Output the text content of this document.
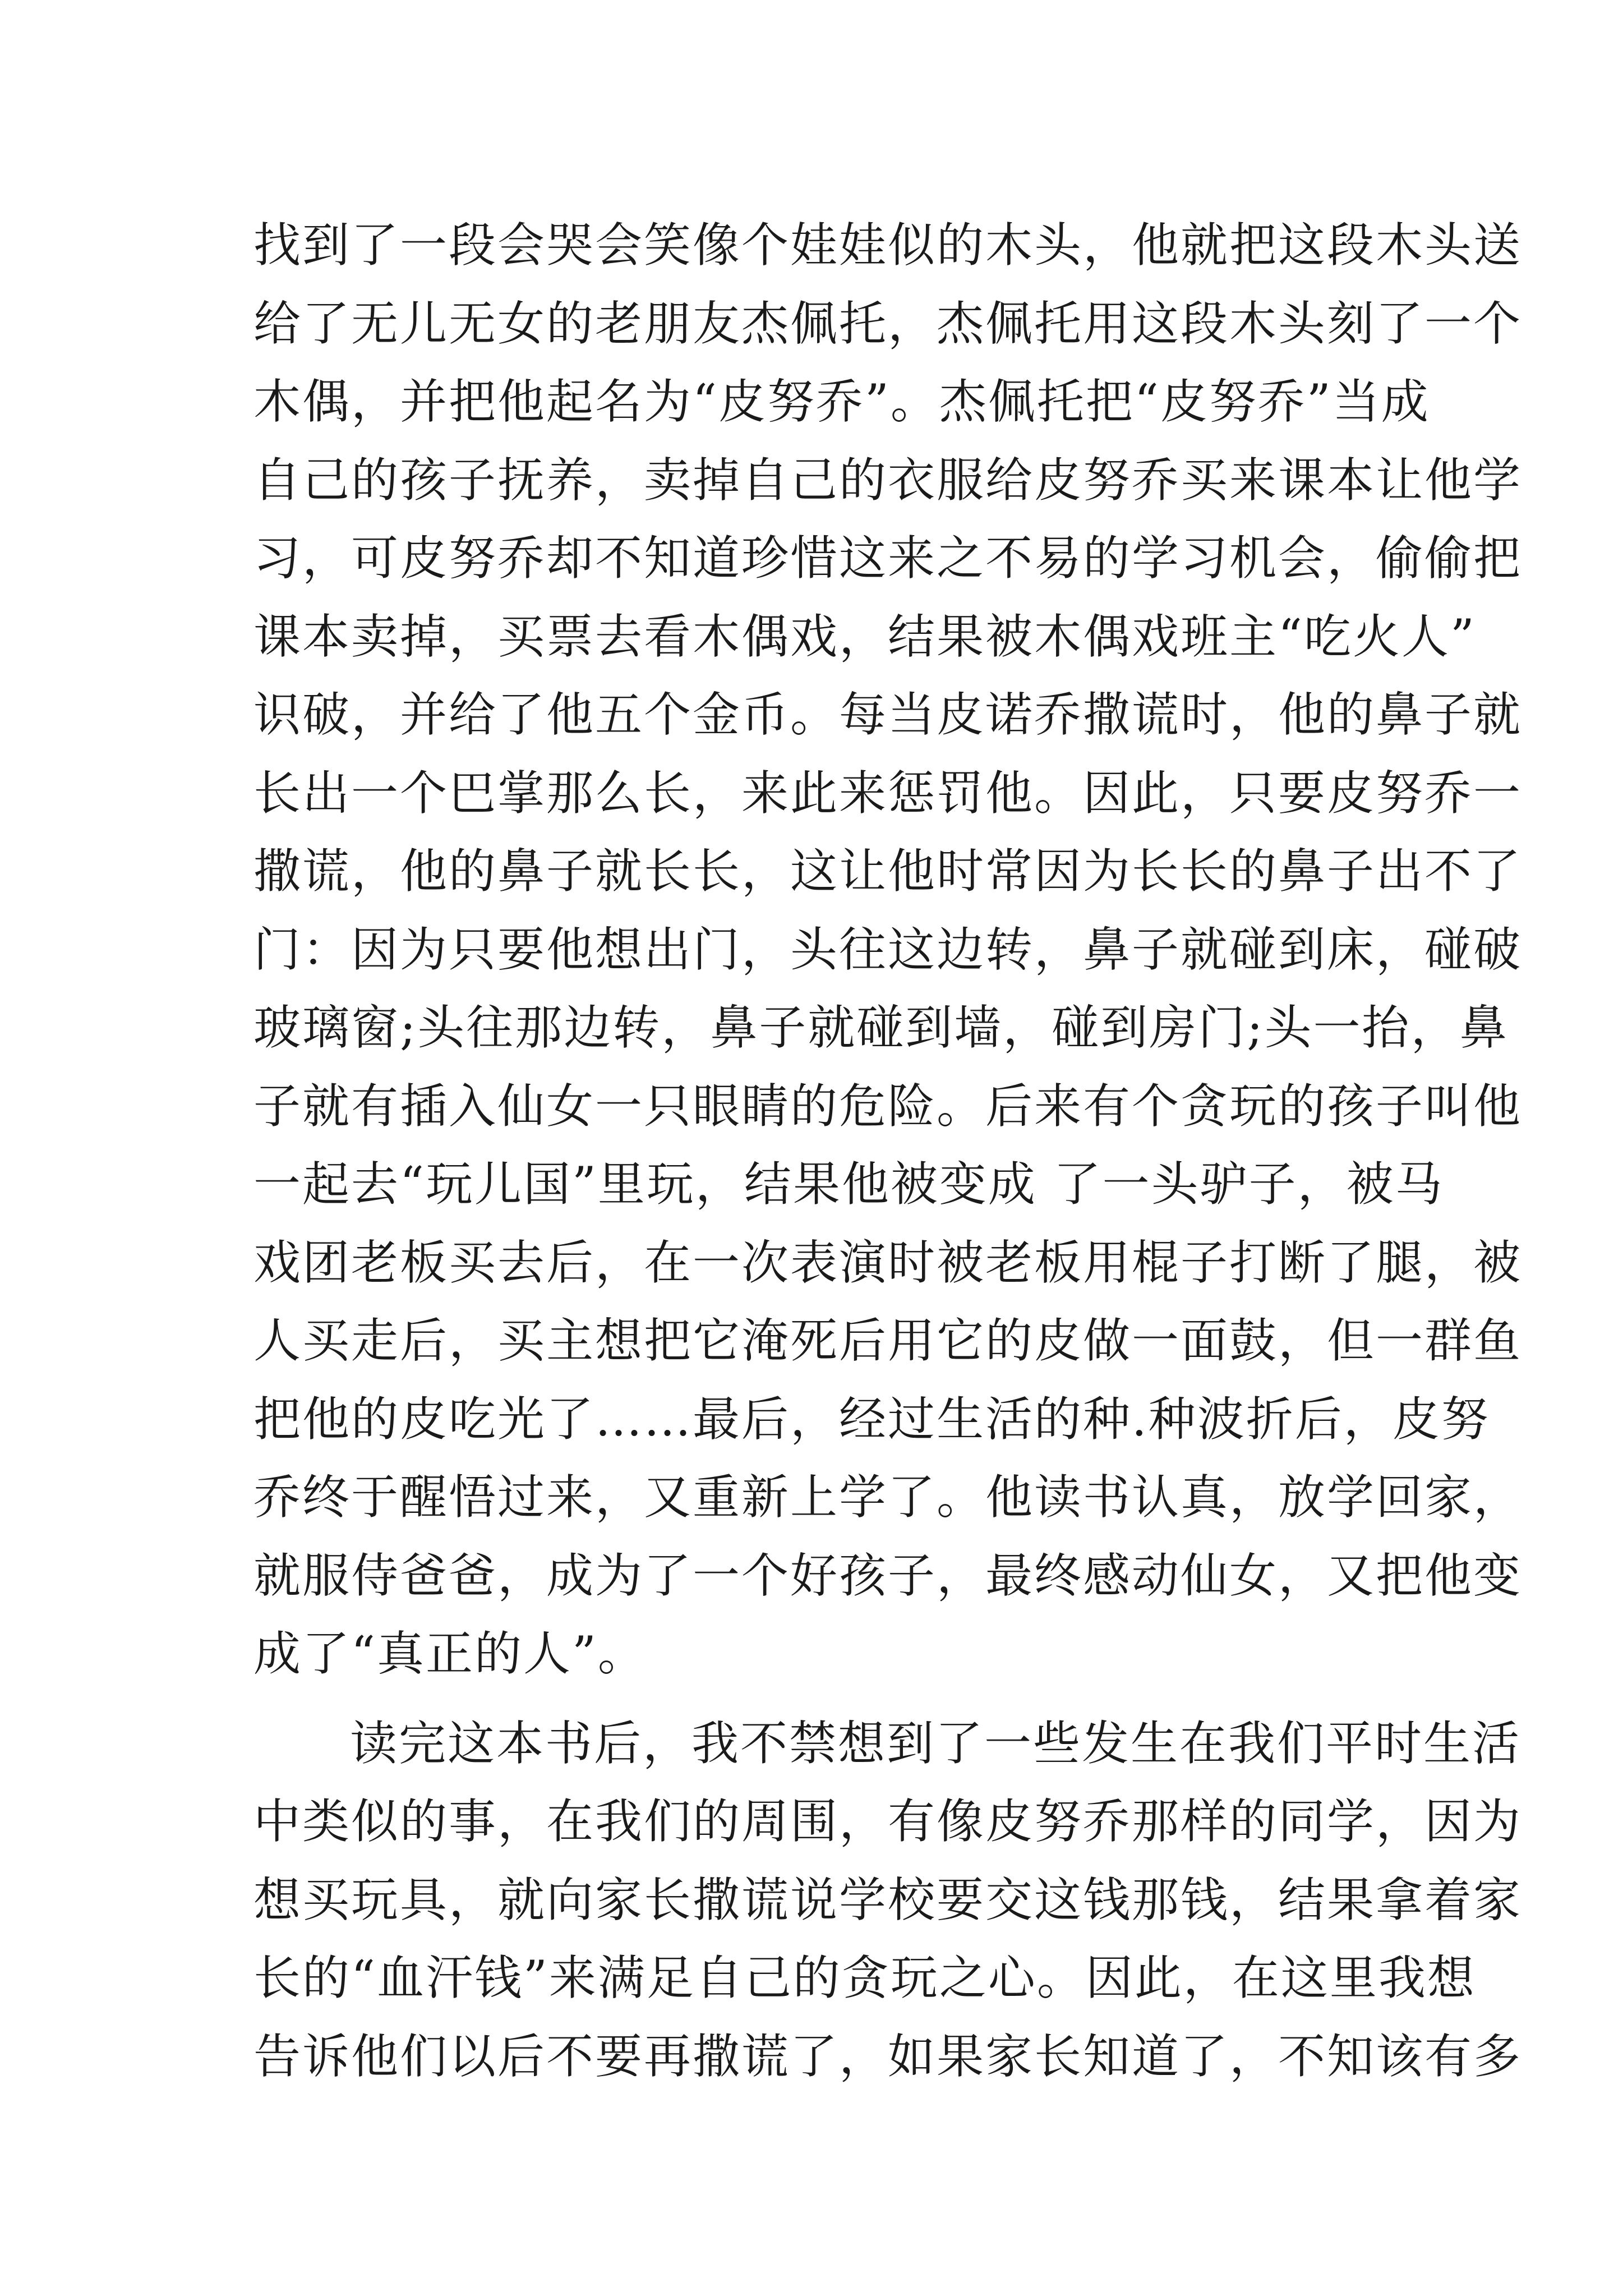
找到了一段会哭会笑像个娃娃似的木头，他就把这段木头送
给了无儿无女的老朋友杰佩托，杰佩托用这段木头刻了一个
木偶，并把他起名为“皮努乔”。杰佩托把“皮努乔”当成
自己的孩子抚养，卖掉自己的衣服给皮努乔买来课本让他学
习，可皮努乔却不知道珍惜这来之不易的学习机会，偷偷把
课本卖掉，买票去看木偶戏，结果被木偶戏班主“吃火人”
识破，并给了他五个金币。每当皮诺乔撒谎时，他的鼻子就
长出一个巴掌那么长，来此来惩罚他。因此，只要皮努乔一
撒谎，他的鼻子就长长，这让他时常因为长长的鼻子出不了
门：因为只要他想出门，头往这边转，鼻子就碰到床，碰破
玻璃窗;头往那边转，鼻子就碰到墙，碰到房门;头一抬，鼻
子就有插入仙女一只眼睛的危险。后来有个贪玩的孩子叫他
一起去“玩儿国”里玩，结果他被变成 了一头驴子，被马
戏团老板买去后，在一次表演时被老板用棍子打断了腿，被
人买走后，买主想把它淹死后用它的皮做一面鼓，但一群鱼
把他的皮吃光了……最后，经过生活的种.种波折后，皮努
乔终于醒悟过来，又重新上学了。他读书认真，放学回家，
就服侍爸爸，成为了一个好孩子，最终感动仙女，又把他变
成了“真正的人”。
读完这本书后，我不禁想到了一些发生在我们平时生活
中类似的事，在我们的周围，有像皮努乔那样的同学，因为
想买玩具，就向家长撒谎说学校要交这钱那钱，结果拿着家
长的“血汗钱”来满足自己的贪玩之心。因此，在这里我想
告诉他们以后不要再撒谎了，如果家长知道了，不知该有多
